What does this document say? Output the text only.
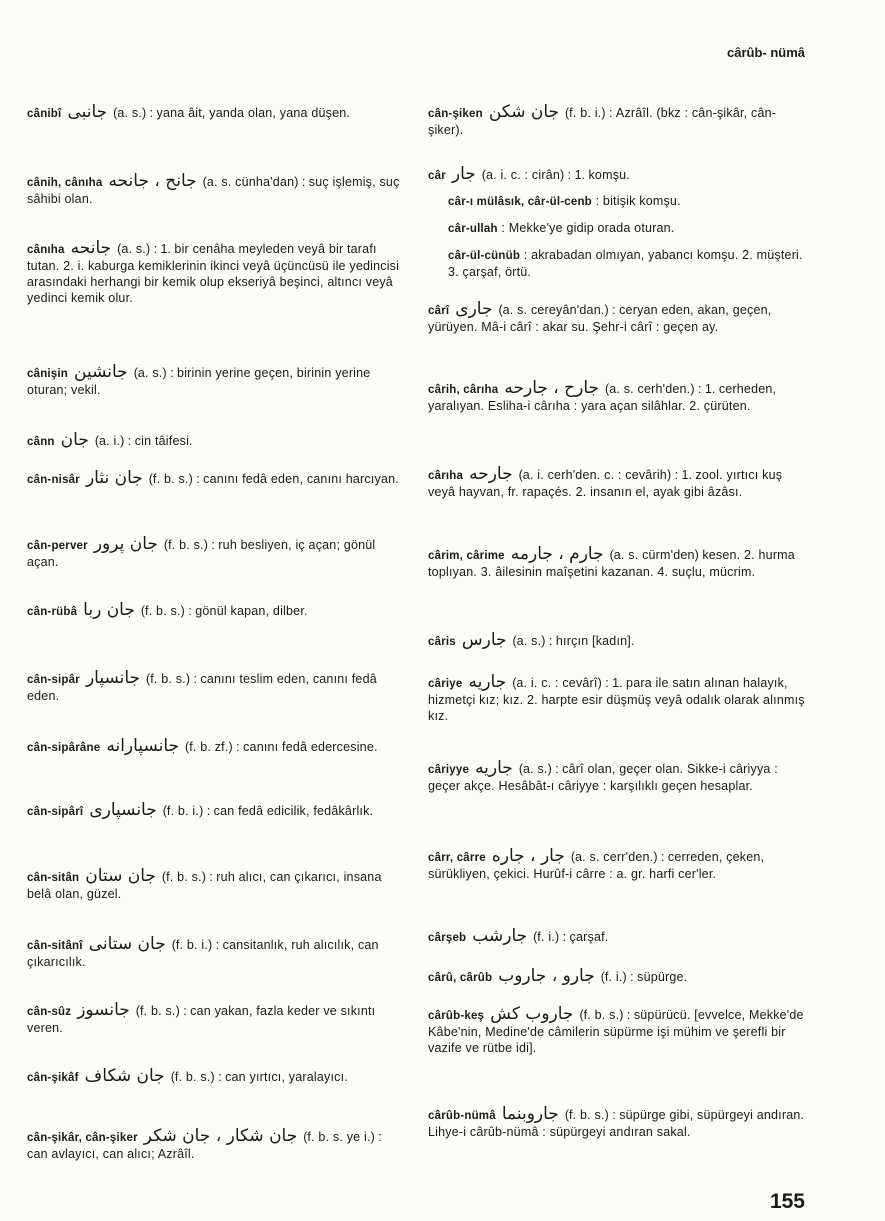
cârûb- nümâ

cânibî جانبی (a. s.) : yana âit, yanda olan, yana düşen.

cânih, cânıha جانح ، جانحه (a. s. cünha'dan) : suç işlemiş, suç sâhibi olan.

cânıha جانحه (a. s.) : 1. bir cenâha meyleden veyâ bir tarafı tutan. 2. i. kaburga kemiklerinin ikinci veyâ üçüncüsü ile yedincisi arasındaki herhangi bir kemik olup ekseriyâ beşinci, altıncı veyâ yedinci kemik olur.

cânişin جانشین (a. s.) : birinin yerine geçen, birinin yerine oturan; vekil.

cânn جان (a. i.) : cin tâifesi.

cân-nisâr جان نثار (f. b. s.) : canını fedâ eden, canını harcıyan.

cân-perver جان پرور (f. b. s.) : ruh besliyen, iç açan; gönül açan.

cân-rübâ جان ربا (f. b. s.) : gönül kapan, dilber.

cân-sipâr جانسپار (f. b. s.) : canını teslim eden, canını fedâ eden.

cân-sipârâne جانسپارانه (f. b. zf.) : canını fedâ edercesine.

cân-sipârî جانسپاری (f. b. i.) : can fedâ edicilik, fedâkârlık.

cân-sitân جان ستان (f. b. s.) : ruh alıcı, can çıkarıcı, insana belâ olan, güzel.

cân-sitânî جان ستانی (f. b. i.) : cansitanlık, ruh alıcılık, can çıkarıcılık.

cân-sûz جانسوز (f. b. s.) : can yakan, fazla keder ve sıkıntı veren.

cân-şikâf جان شكاف (f. b. s.) : can yırtıcı, yaralayıcı.

cân-şikâr, cân-şiker جان شكار ، جان شكر (f. b. s. ye i.) : can avlayıcı, can alıcı; Azrâîl.

cân-şiken جان شكن (f. b. i.) : Azrâîl. (bkz : cân-şikâr, cân-şiker).

câr جار (a. i. c. : cirân) : 1. komşu.

câr-ı mülâsık, câr-ül-cenb : bitişik komşu.

câr-ullah : Mekke'ye gidip orada oturan.

câr-ül-cünüb : akrabadan olmıyan, yabancı komşu. 2. müşteri. 3. çarşaf, örtü.

cârî جاری (a. s. cereyân'dan.) : ceryan eden, akan, geçen, yürüyen. Mâ-i cârî : akar su. Şehr-i cârî : geçen ay.

cârih, cârıha جارح ، جارحه (a. s. cerh'den.) : 1. cerheden, yaralıyan. Esliha-i cârıha : yara açan silâhlar. 2. çürüten.

cârıha جارحه (a. i. cerh'den. c. : cevârih) : 1. zool. yırtıcı kuş veyâ hayvan, fr. rapaçés. 2. insanın el, ayak gibi âzâsı.

cârim, cârime جارم ، جارمه (a. s. cürm'den) kesen. 2. hurma toplıyan. 3. âilesinin maîşetini kazanan. 4. suçlu, mücrim.

câris جارس (a. s.) : hırçın [kadın].

câriye جاريه (a. i. c. : cevârî) : 1. para ile satın alınan halayık, hizmetçi kız; kız. 2. harpte esir düşmüş veyâ odalık olarak alınmış kız.

câriyye جاريه (a. s.) : cârî olan, geçer olan. Sikke-i câriyya : geçer akçe. Hesâbât-ı câriyye : karşılıklı geçen hesaplar.

cârr, cârre جار ، جاره (a. s. cerr'den.) : cerreden, çeken, sürükliyen, çekici. Hurûf-i cârre : a. gr. harfi cer'ler.

cârşeb جارشب (f. i.) : çarşaf.

cârû, cârûb جارو ، جاروب (f. i.) : süpürge.

cârûb-keş جاروب كش (f. b. s.) : süpürücü. [evvelce, Mekke'de Kâbe'nin, Medine'de câmilerin süpürme işi mühim ve şerefli bir vazife ve rütbe idi].

cârûb-nümâ جاروبنما (f. b. s.) : süpürge gibi, süpürgeyi andıran. Lihye-i cârûb-nümâ : süpürgeyi andıran sakal.

155
